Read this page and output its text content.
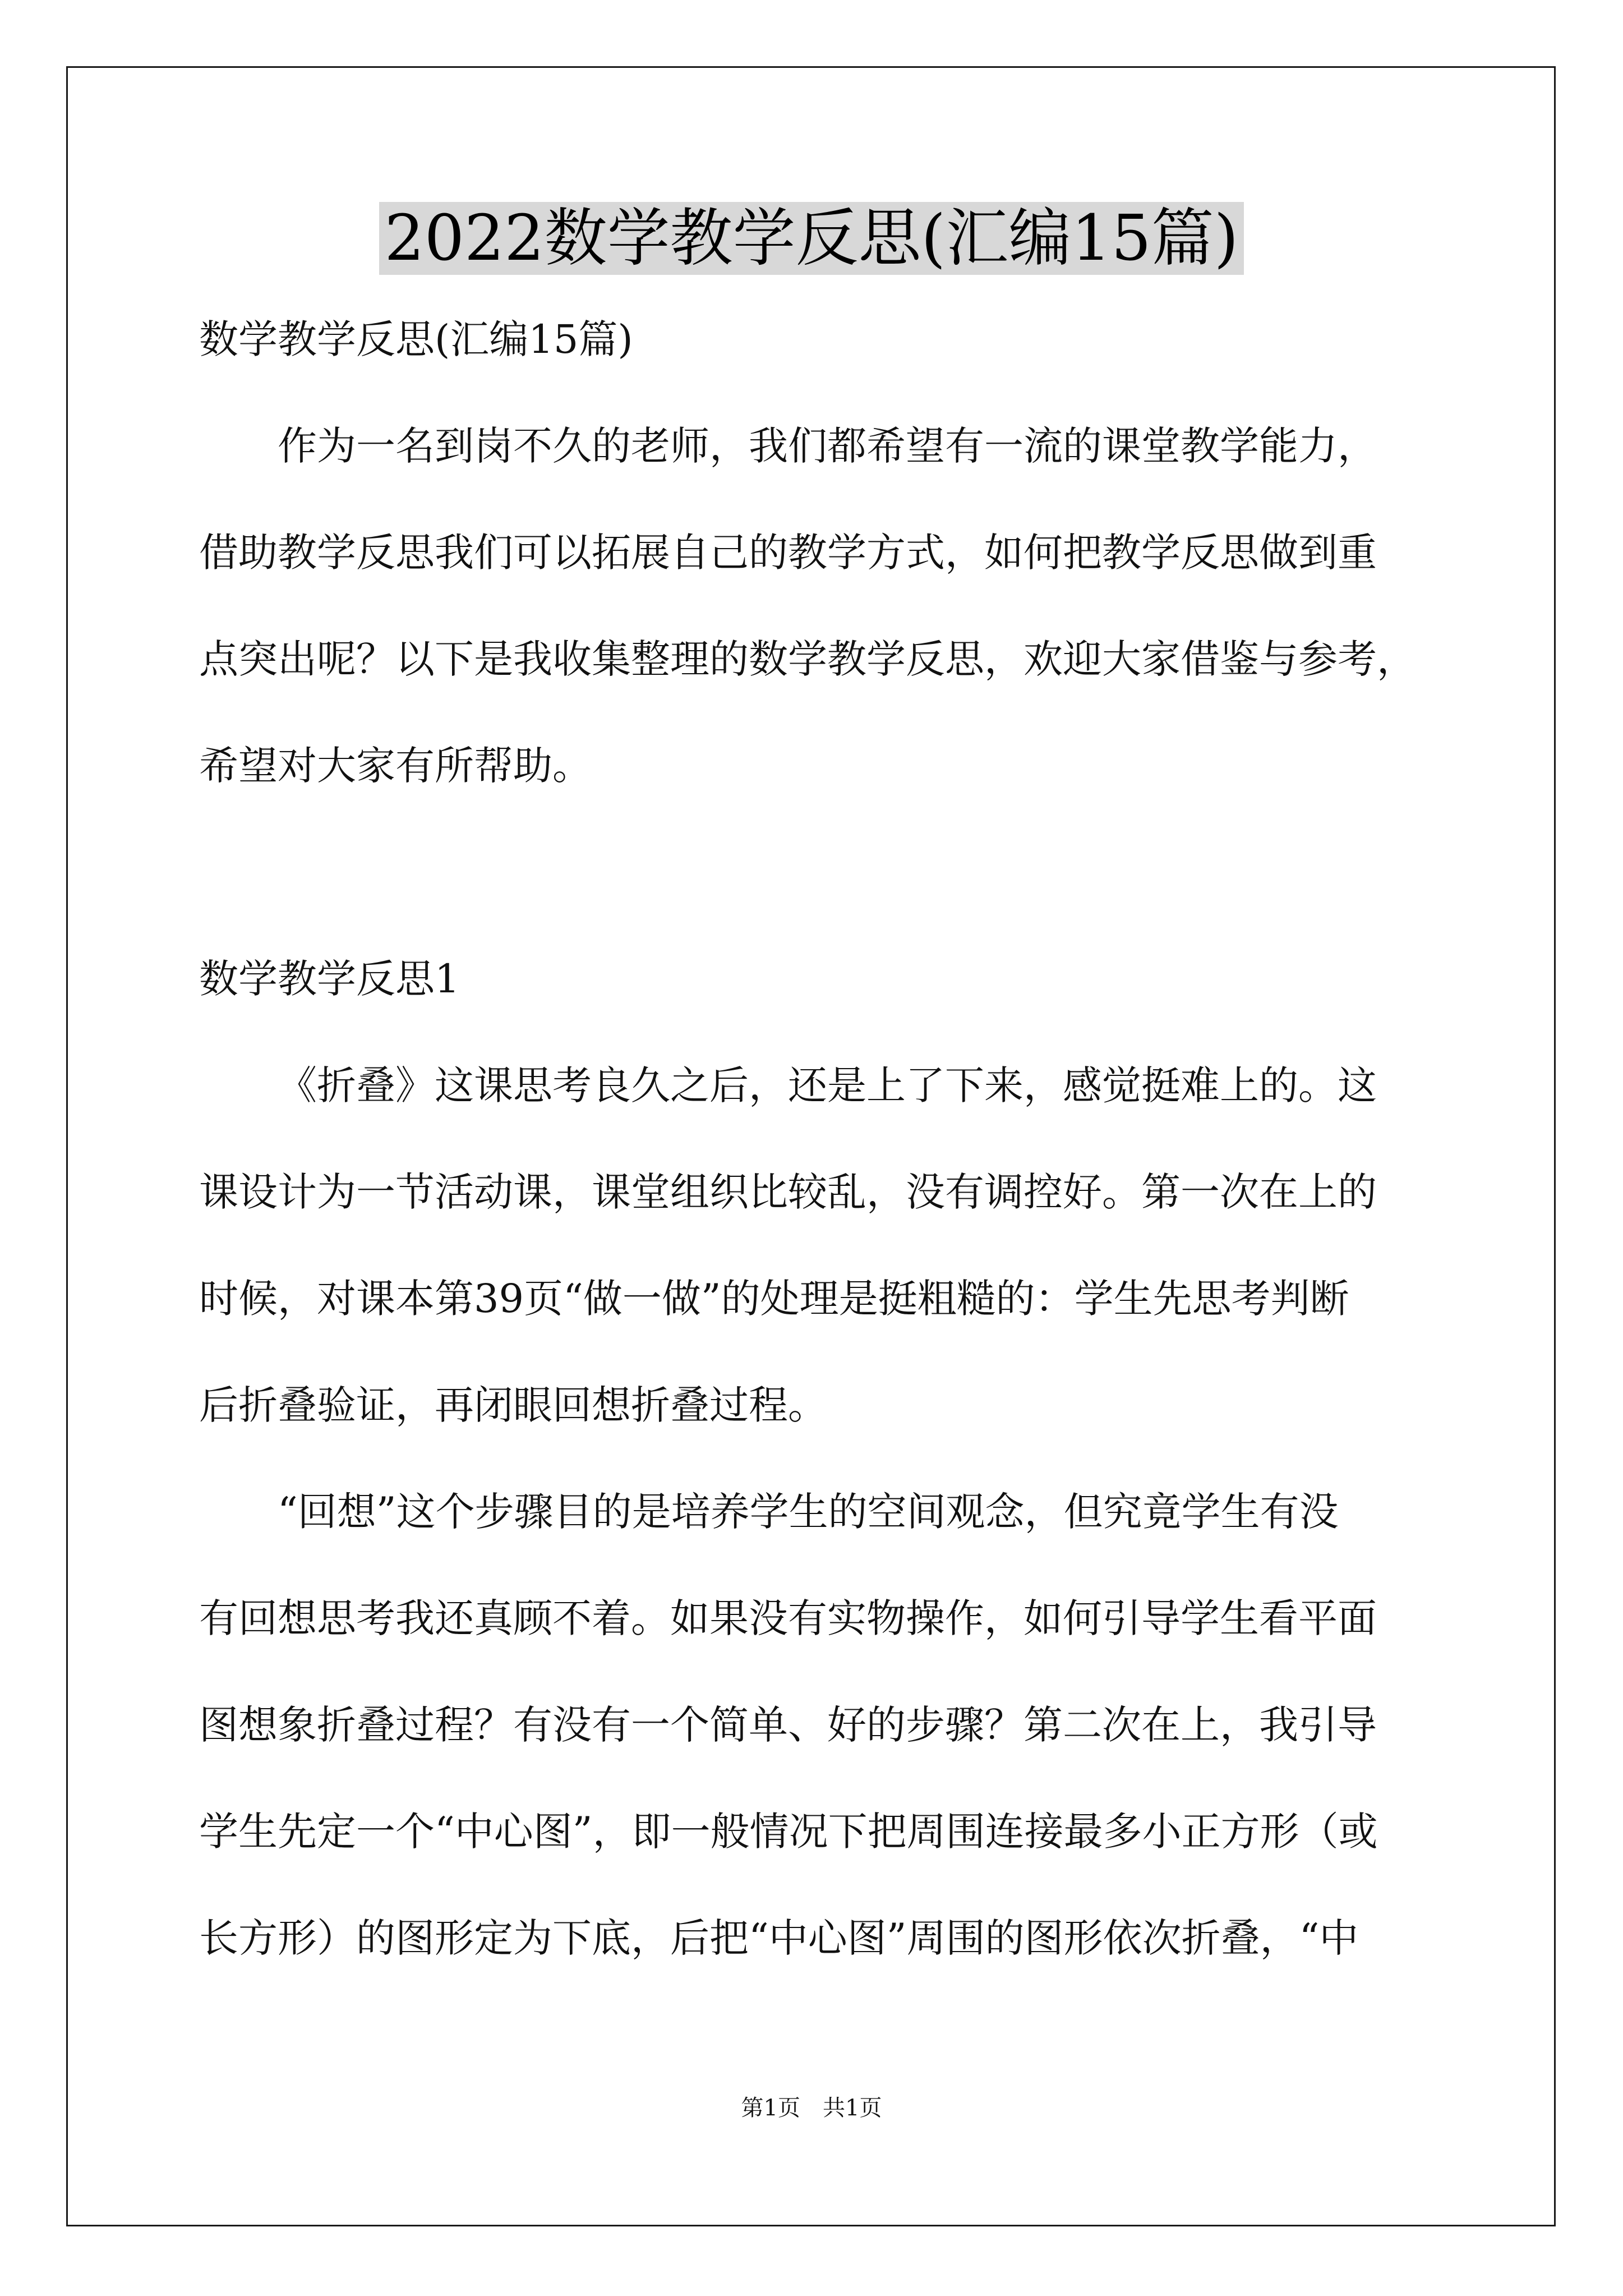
2022数学教学反思(汇编15篇)
数学教学反思(汇编15篇)
作为一名到岗不久的老师，我们都希望有一流的课堂教学能力，
借助教学反思我们可以拓展自己的教学方式，如何把教学反思做到重
点突出呢？以下是我收集整理的数学教学反思，欢迎大家借鉴与参考，
希望对大家有所帮助。
数学教学反思1
《折叠》这课思考良久之后，还是上了下来，感觉挺难上的。这
课设计为一节活动课，课堂组织比较乱，没有调控好。第一次在上的
时候，对课本第39页“做一做”的处理是挺粗糙的：学生先思考判断
后折叠验证，再闭眼回想折叠过程。
“回想”这个步骤目的是培养学生的空间观念，但究竟学生有没
有回想思考我还真顾不着。如果没有实物操作，如何引导学生看平面
图想象折叠过程？有没有一个简单、好的步骤？第二次在上，我引导
学生先定一个“中心图”，即一般情况下把周围连接最多小正方形（或
长方形）的图形定为下底，后把“中心图”周围的图形依次折叠，“中
第1页　共1页
